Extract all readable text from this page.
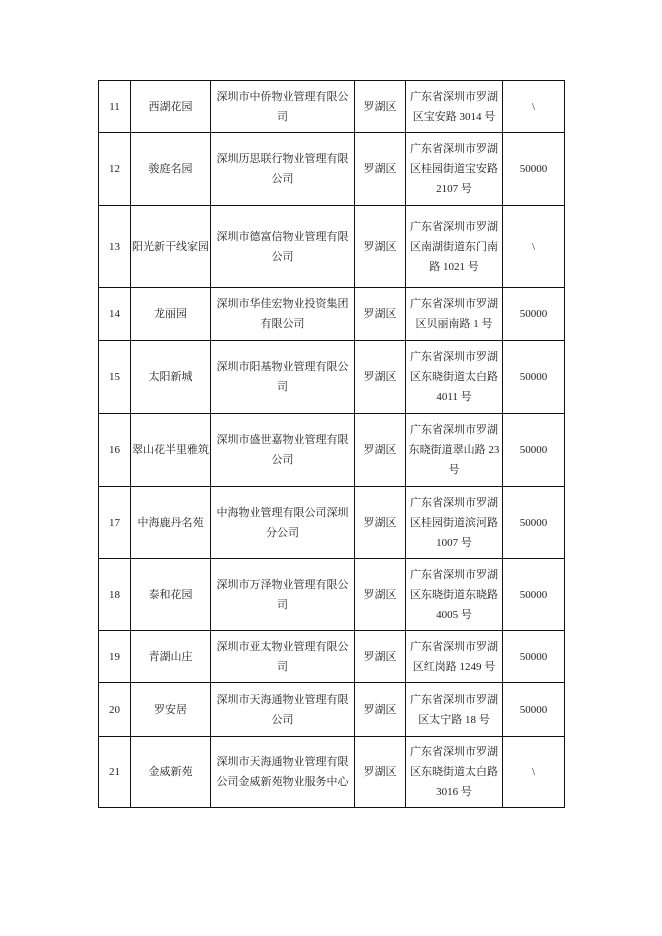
11	西湖花园	深圳市中侨物业管理有限公司	罗湖区	广东省深圳市罗湖区宝安路 3014 号	\
12	骏庭名园	深圳历思联行物业管理有限公司	罗湖区	广东省深圳市罗湖区桂园街道宝安路 2107 号	50000
13	阳光新干线家园	深圳市德富信物业管理有限公司	罗湖区	广东省深圳市罗湖区南湖街道东门南路 1021 号	\
14	龙丽园	深圳市华佳宏物业投资集团有限公司	罗湖区	广东省深圳市罗湖区贝丽南路 1 号	50000
15	太阳新城	深圳市阳基物业管理有限公司	罗湖区	广东省深圳市罗湖区东晓街道太白路 4011 号	50000
16	翠山花半里雅筑	深圳市盛世嘉物业管理有限公司	罗湖区	广东省深圳市罗湖东晓街道翠山路 23 号	50000
17	中海鹿丹名苑	中海物业管理有限公司深圳分公司	罗湖区	广东省深圳市罗湖区桂园街道滨河路 1007 号	50000
18	泰和花园	深圳市万泽物业管理有限公司	罗湖区	广东省深圳市罗湖区东晓街道东晓路 4005 号	50000
19	青湖山庄	深圳市亚太物业管理有限公司	罗湖区	广东省深圳市罗湖区红岗路 1249 号	50000
20	罗安居	深圳市天海通物业管理有限公司	罗湖区	广东省深圳市罗湖区太宁路 18 号	50000
21	金威新苑	深圳市天海通物业管理有限公司金威新苑物业服务中心	罗湖区	广东省深圳市罗湖区东晓街道太白路 3016 号	\
